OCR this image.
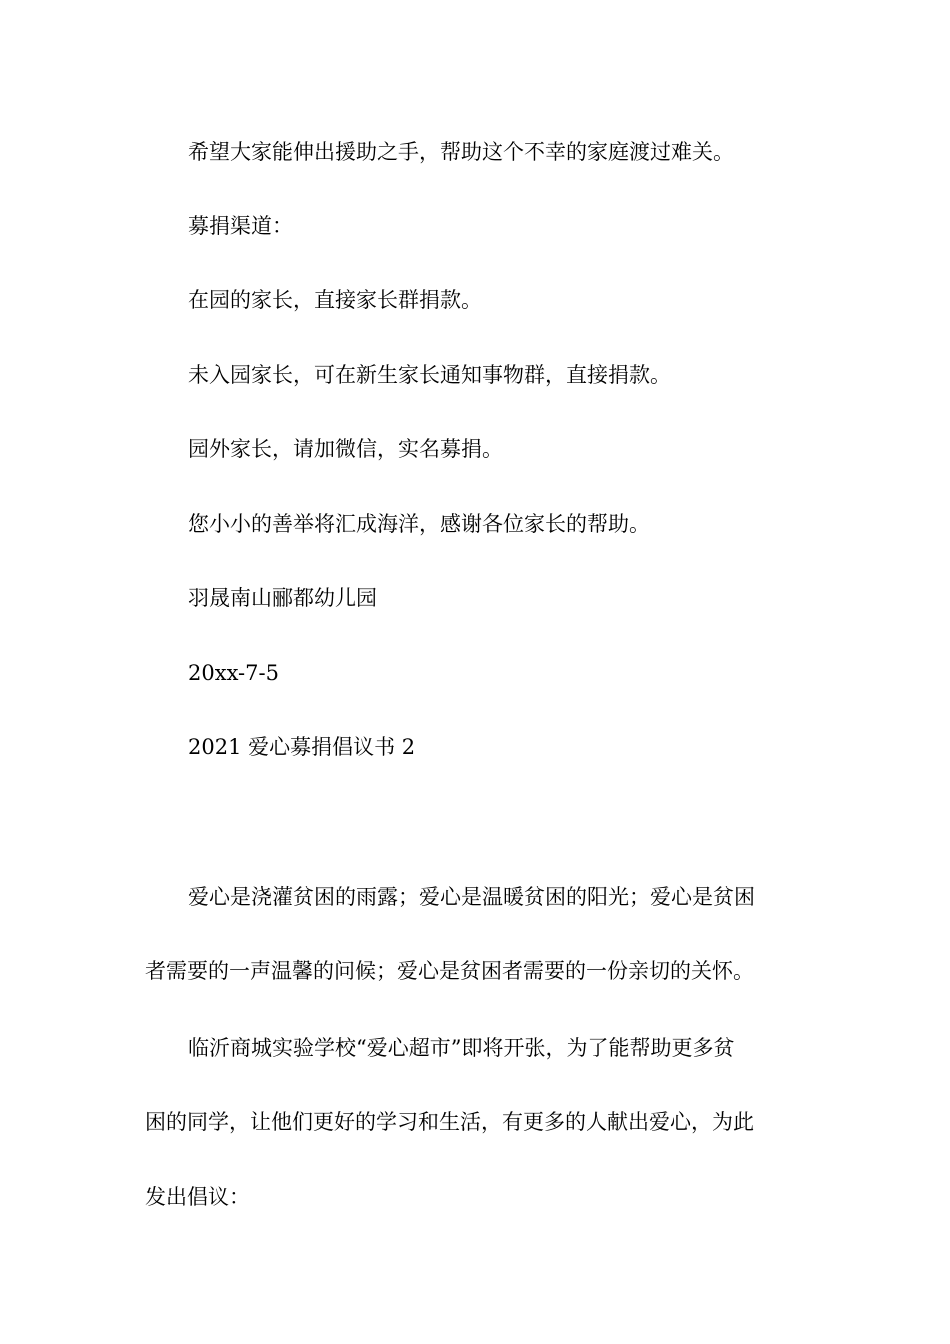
希望大家能伸出援助之手，帮助这个不幸的家庭渡过难关。

募捐渠道：

在园的家长，直接家长群捐款。

未入园家长，可在新生家长通知事物群，直接捐款。

园外家长，请加微信，实名募捐。

您小小的善举将汇成海洋，感谢各位家长的帮助。

羽晟南山郦都幼儿园

20xx-7-5

2021 爱心募捐倡议书 2

爱心是浇灌贫困的雨露；爱心是温暖贫困的阳光；爱心是贫困
者需要的一声温馨的问候；爱心是贫困者需要的一份亲切的关怀。
临沂商城实验学校“爱心超市”即将开张，为了能帮助更多贫
困的同学，让他们更好的学习和生活，有更多的人献出爱心，为此
发出倡议：
